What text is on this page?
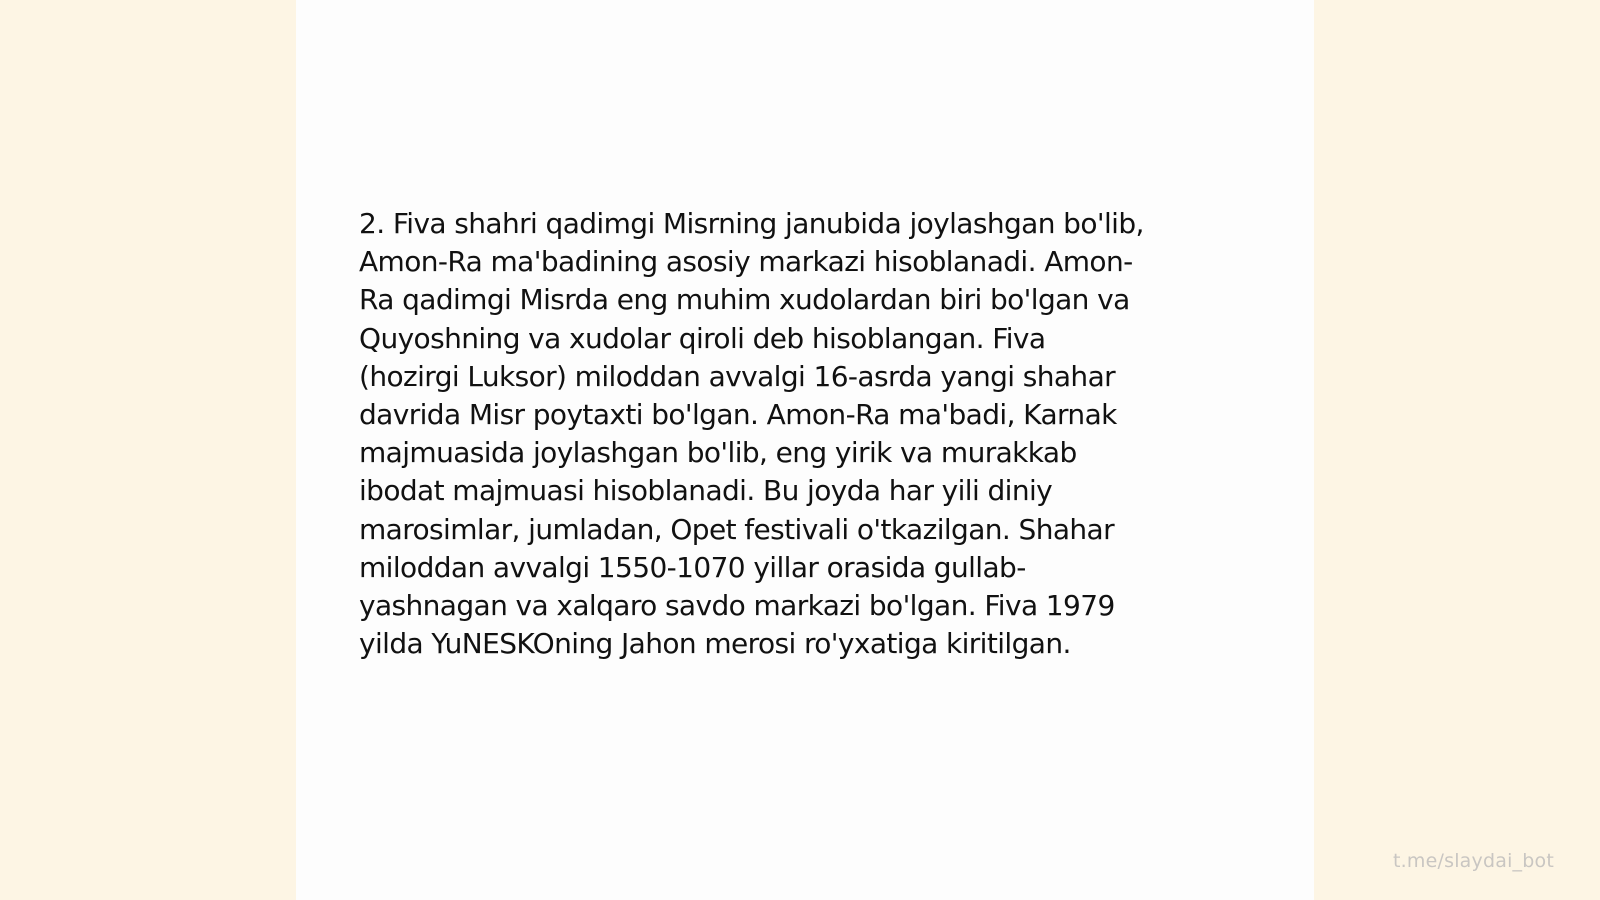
2. Fiva shahri qadimgi Misrning janubida joylashgan bo'lib,
Amon-Ra ma'badining asosiy markazi hisoblanadi. Amon-
Ra qadimgi Misrda eng muhim xudolardan biri bo'lgan va
Quyoshning va xudolar qiroli deb hisoblangan. Fiva
(hozirgi Luksor) miloddan avvalgi 16-asrda yangi shahar
davrida Misr poytaxti bo'lgan. Amon-Ra ma'badi, Karnak
majmuasida joylashgan bo'lib, eng yirik va murakkab
ibodat majmuasi hisoblanadi. Bu joyda har yili diniy
marosimlar, jumladan, Opet festivali o'tkazilgan. Shahar
miloddan avvalgi 1550-1070 yillar orasida gullab-
yashnagan va xalqaro savdo markazi bo'lgan. Fiva 1979
yilda YuNESKOning Jahon merosi ro'yxatiga kiritilgan.

t.me/slaydai_bot
